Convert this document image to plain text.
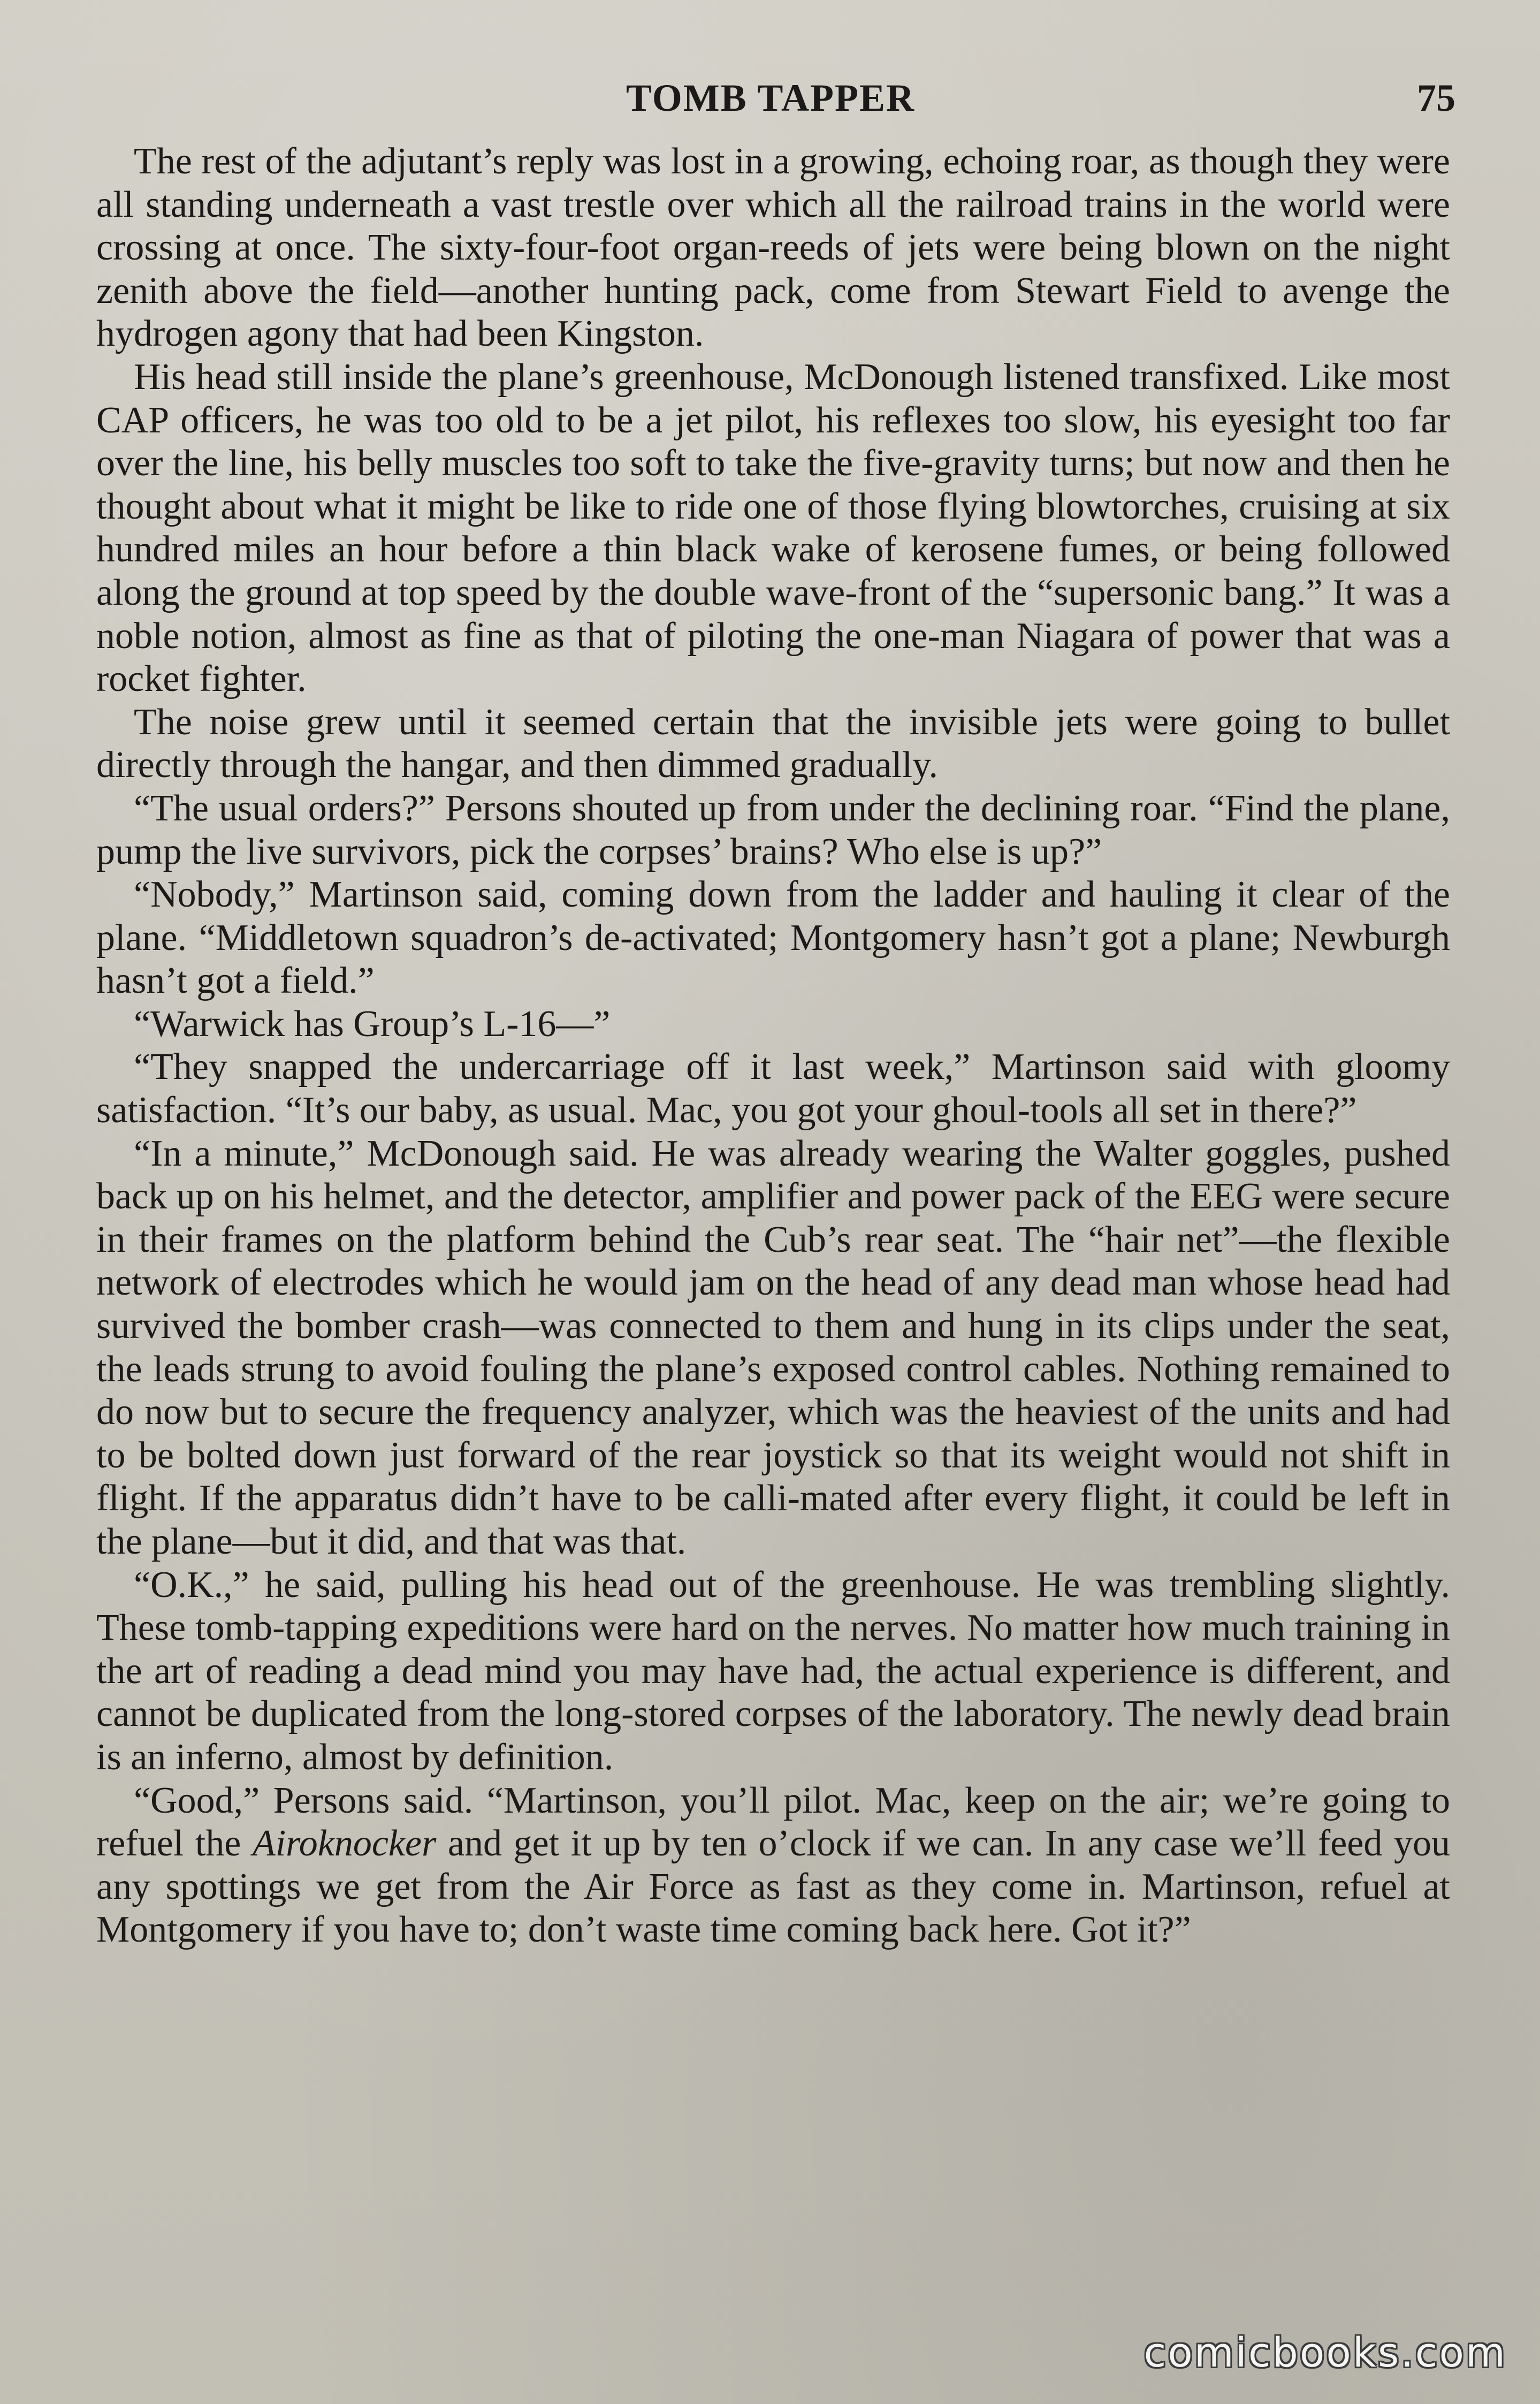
TOMB TAPPER	75

The rest of the adjutant’s reply was lost in a growing, echoing roar, as though they were all standing underneath a vast trestle over which all the railroad trains in the world were crossing at once. The sixty-four-foot organ-reeds of jets were being blown on the night zenith above the field—another hunting pack, come from Stewart Field to avenge the hydrogen agony that had been Kingston.

His head still inside the plane’s greenhouse, McDonough listened transfixed. Like most CAP officers, he was too old to be a jet pilot, his reflexes too slow, his eyesight too far over the line, his belly muscles too soft to take the five-gravity turns; but now and then he thought about what it might be like to ride one of those flying blowtorches, cruising at six hundred miles an hour before a thin black wake of kerosene fumes, or being followed along the ground at top speed by the double wave-front of the “supersonic bang.” It was a noble notion, almost as fine as that of piloting the one-man Niagara of power that was a rocket fighter.

The noise grew until it seemed certain that the invisible jets were going to bullet directly through the hangar, and then dimmed gradually.

“The usual orders?” Persons shouted up from under the declining roar. “Find the plane, pump the live survivors, pick the corpses’ brains? Who else is up?”

“Nobody,” Martinson said, coming down from the ladder and hauling it clear of the plane. “Middletown squadron’s de-activated; Montgomery hasn’t got a plane; Newburgh hasn’t got a field.”

“Warwick has Group’s L-16—”

“They snapped the undercarriage off it last week,” Martinson said with gloomy satisfaction. “It’s our baby, as usual. Mac, you got your ghoul-tools all set in there?”

“In a minute,” McDonough said. He was already wearing the Walter goggles, pushed back up on his helmet, and the detector, amplifier and power pack of the EEG were secure in their frames on the platform behind the Cub’s rear seat. The “hair net”—the flexible network of electrodes which he would jam on the head of any dead man whose head had survived the bomber crash—was connected to them and hung in its clips under the seat, the leads strung to avoid fouling the plane’s exposed control cables. Nothing remained to do now but to secure the frequency analyzer, which was the heaviest of the units and had to be bolted down just forward of the rear joystick so that its weight would not shift in flight. If the apparatus didn’t have to be calli-mated after every flight, it could be left in the plane—but it did, and that was that.

“O.K.,” he said, pulling his head out of the greenhouse. He was trembling slightly. These tomb-tapping expeditions were hard on the nerves. No matter how much training in the art of reading a dead mind you may have had, the actual experience is different, and cannot be duplicated from the long-stored corpses of the laboratory. The newly dead brain is an inferno, almost by definition.

“Good,” Persons said. “Martinson, you’ll pilot. Mac, keep on the air; we’re going to refuel the Airoknocker and get it up by ten o’clock if we can. In any case we’ll feed you any spottings we get from the Air Force as fast as they come in. Martinson, refuel at Montgomery if you have to; don’t waste time coming back here. Got it?”

comicbooks.com
